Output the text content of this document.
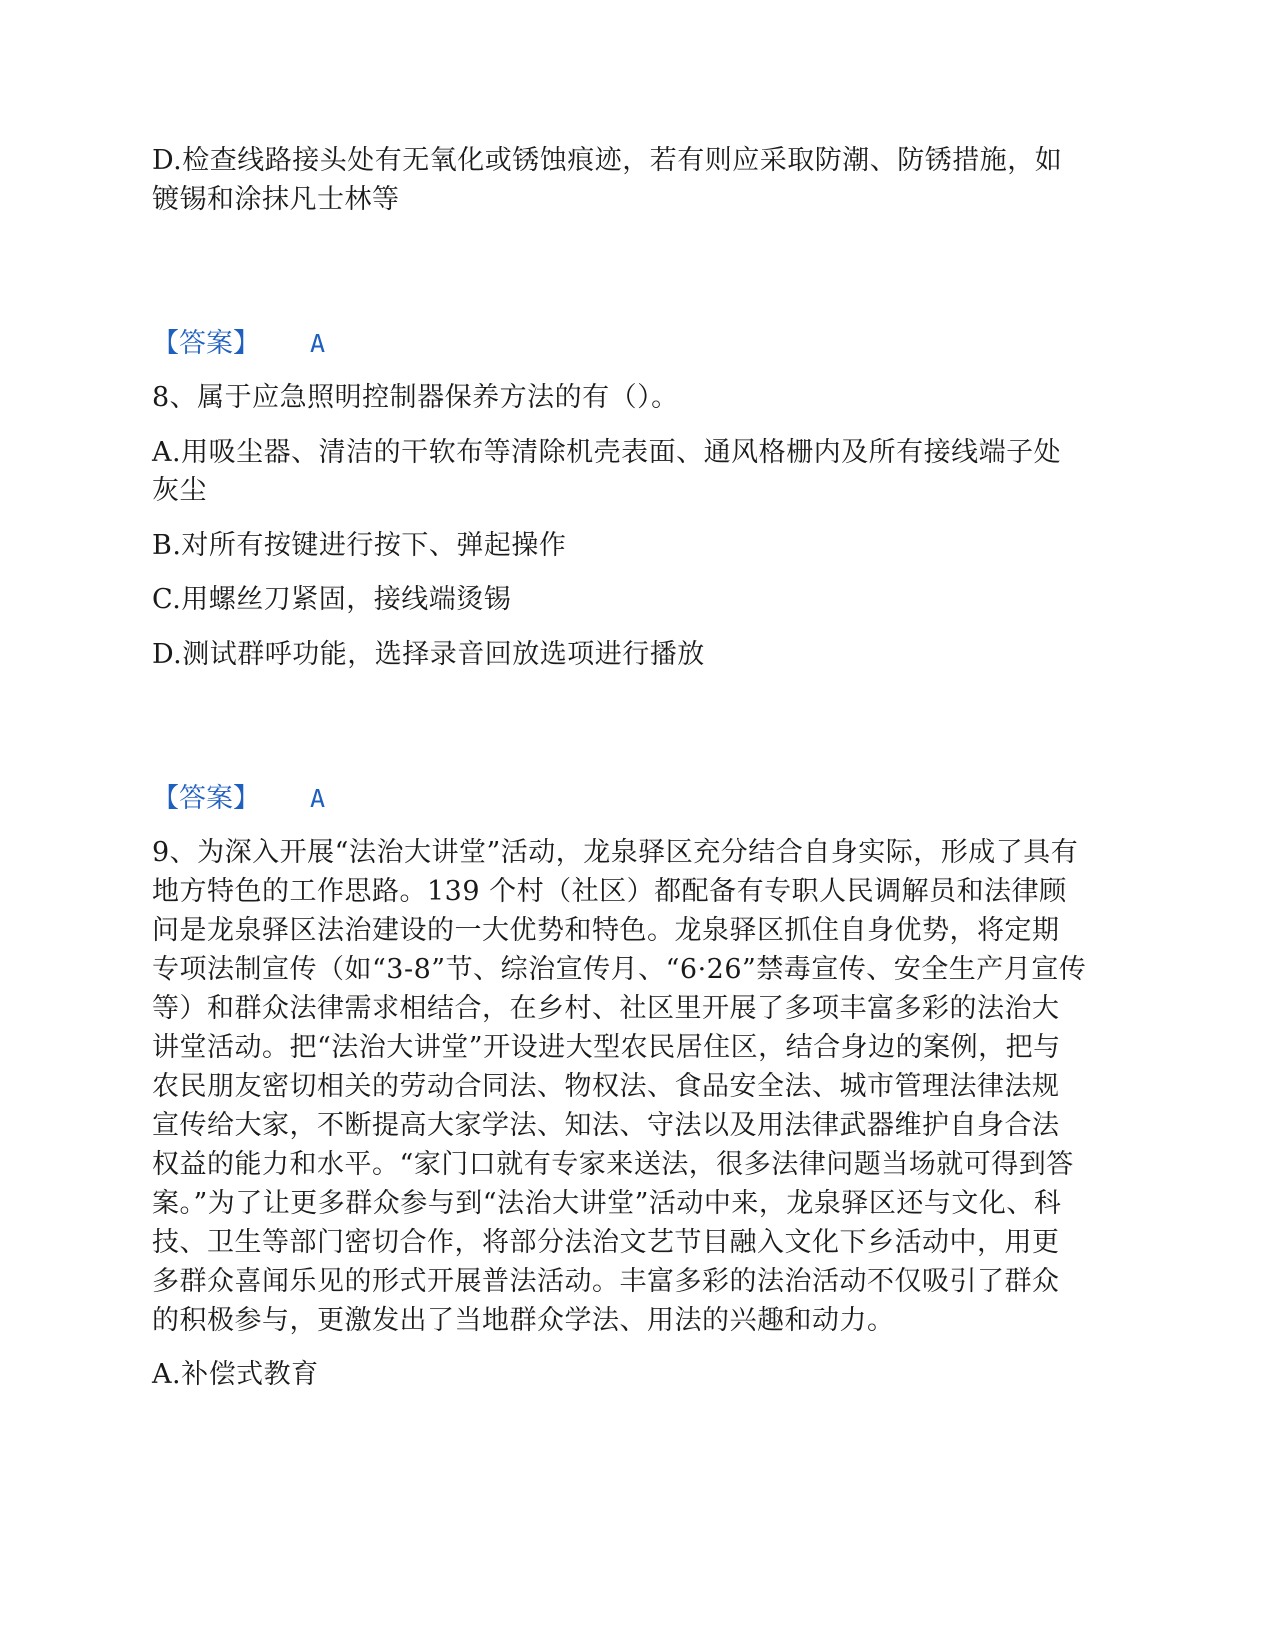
D.检查线路接头处有无氧化或锈蚀痕迹，若有则应采取防潮、防锈措施，如
镀锡和涂抹凡士林等
【答案】 A
8、属于应急照明控制器保养方法的有（）。
A.用吸尘器、清洁的干软布等清除机壳表面、通风格栅内及所有接线端子处
灰尘
B.对所有按键进行按下、弹起操作
C.用螺丝刀紧固，接线端烫锡
D.测试群呼功能，选择录音回放选项进行播放
【答案】 A
9、为深入开展“法治大讲堂”活动，龙泉驿区充分结合自身实际，形成了具有
地方特色的工作思路。139 个村（社区）都配备有专职人民调解员和法律顾
问是龙泉驿区法治建设的一大优势和特色。龙泉驿区抓住自身优势，将定期
专项法制宣传（如“3-8”节、综治宣传月、“6·26”禁毒宣传、安全生产月宣传
等）和群众法律需求相结合，在乡村、社区里开展了多项丰富多彩的法治大
讲堂活动。把“法治大讲堂”开设进大型农民居住区，结合身边的案例，把与
农民朋友密切相关的劳动合同法、物权法、食品安全法、城市管理法律法规
宣传给大家，不断提高大家学法、知法、守法以及用法律武器维护自身合法
权益的能力和水平。“家门口就有专家来送法，很多法律问题当场就可得到答
案。”为了让更多群众参与到“法治大讲堂”活动中来，龙泉驿区还与文化、科
技、卫生等部门密切合作，将部分法治文艺节目融入文化下乡活动中，用更
多群众喜闻乐见的形式开展普法活动。丰富多彩的法治活动不仅吸引了群众
的积极参与，更激发出了当地群众学法、用法的兴趣和动力。
A.补偿式教育
